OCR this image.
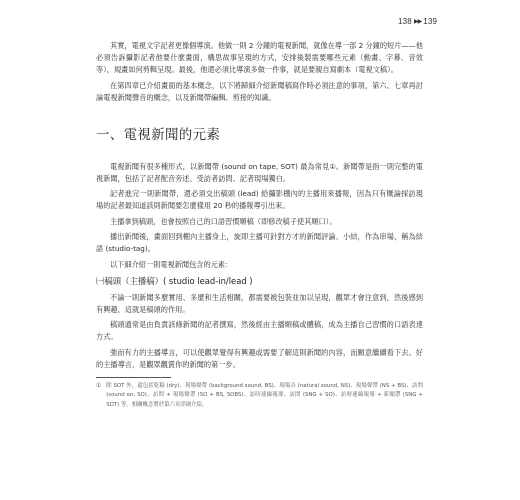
138 ▶▶ 139

其實，電視文字記者更像個導演。他做一則 2 分鐘的電視新聞，就像在導一部 2 分鐘的短片——他必須告訴攝影記者他要什麼畫面，構思故事呈現的方式，安排後製需要哪些元素（動畫、字幕、音效等），規畫如何剪輯呈現。最後，他還必須比導演多做一件事，就是要親自寫劇本（電視文稿）。

在第四章已介紹畫面的基本概念，以下將歸細介紹新聞稿寫作時必須注意的事項，第六、七章再討論電視新聞聲音的概念，以及新聞帶編輯、剪接的知識。

一、電視新聞的元素

電視新聞有很多種形式，以新聞帶 (sound on tape, SOT) 最為常見①。新聞帶是指一則完整的電視新聞，包括了記者配音旁述、受訪者訪問、記者現場獨白。

記者進完一則新聞帶，還必須交出稿頭 (lead) 給攝影棚內的主播用來播報，因為只有概論採訪現場的記者最知道該則新聞要怎麼樣用 20 秒的播報導引出來。

主播拿到稿頭，也會按照自己的口語習慣順稿（即修改稿子使其順口）。

播出新聞後，畫面回到棚內主播身上，旋即主播可針對方才的新聞評論、小結，作為串場，稱為結語 (studio-tag)。

以下細介紹一則電視新聞包含的元素：

㈠稿頭（主播稿）( studio lead-in/lead )

不論一則新聞多麼實用、多麼和生活相關，都需要被包裝並加以呈現，觀眾才會注意到，然後感到有興趣，這就是稿頭的作用。

稿頭通常是由負責該條新聞的記者撰寫，然後經由主播順稿或體稿，成為主播自己習慣的口語表達方式。

強而有力的主播導言，可以使觀眾覺得有興趣或需要了解這則新聞的內容，而願意繼續看下去。好的主播導言，是觀眾觀賞你的新聞的第一步。

① 除 SOT 外，還包括乾稿 (dry)、現場聲帶 (background sound, BS)、現場音 (natural sound, NS)、現場聲帶 (NS + BS)、訪問 (sound on, SO)、訪問 + 現場聲帶 (SO + BS, SOBS)、訪時連線報導、訪問 (SNG + SO)、訪時連線報導 + 新聞帶 (SNG + SOT) 等。相關概念將於第六章詳細介紹。
